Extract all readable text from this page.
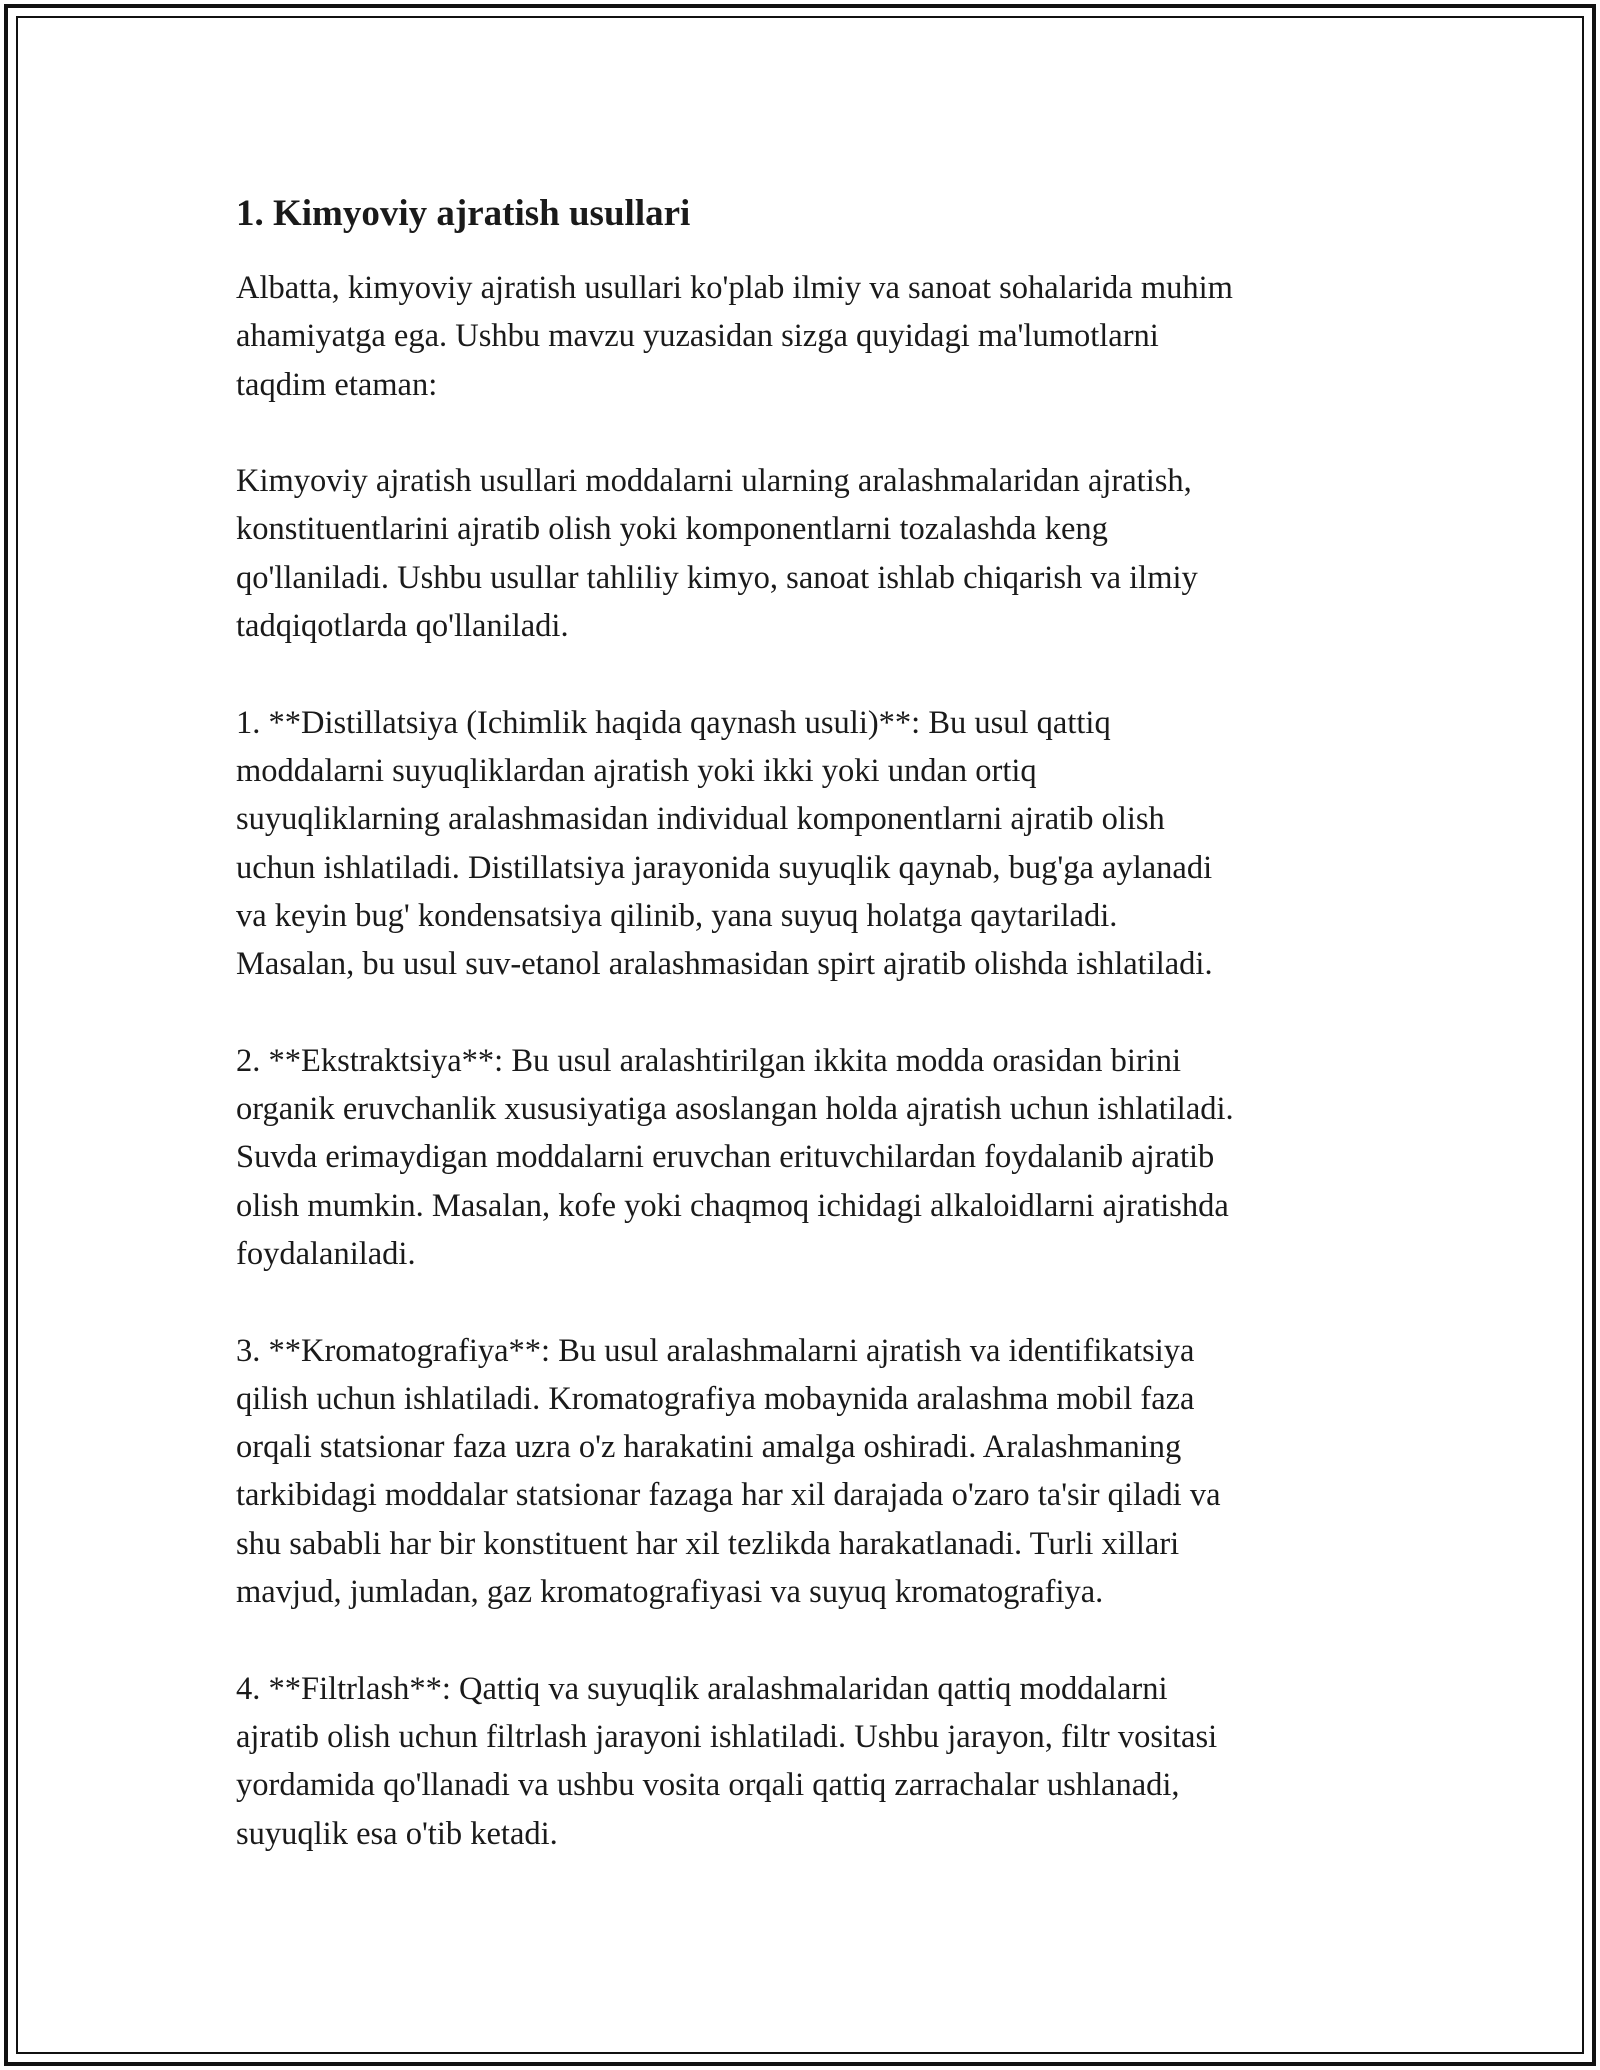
1. Kimyoviy ajratish usullari

Albatta, kimyoviy ajratish usullari ko'plab ilmiy va sanoat sohalarida muhim
ahamiyatga ega. Ushbu mavzu yuzasidan sizga quyidagi ma'lumotlarni
taqdim etaman:

Kimyoviy ajratish usullari moddalarni ularning aralashmalaridan ajratish,
konstituentlarini ajratib olish yoki komponentlarni tozalashda keng
qo'llaniladi. Ushbu usullar tahliliy kimyo, sanoat ishlab chiqarish va ilmiy
tadqiqotlarda qo'llaniladi.

1. **Distillatsiya (Ichimlik haqida qaynash usuli)**: Bu usul qattiq
moddalarni suyuqliklardan ajratish yoki ikki yoki undan ortiq
suyuqliklarning aralashmasidan individual komponentlarni ajratib olish
uchun ishlatiladi. Distillatsiya jarayonida suyuqlik qaynab, bug'ga aylanadi
va keyin bug' kondensatsiya qilinib, yana suyuq holatga qaytariladi.
Masalan, bu usul suv-etanol aralashmasidan spirt ajratib olishda ishlatiladi.

2. **Ekstraktsiya**: Bu usul aralashtirilgan ikkita modda orasidan birini
organik eruvchanlik xususiyatiga asoslangan holda ajratish uchun ishlatiladi.
Suvda erimaydigan moddalarni eruvchan erituvchilardan foydalanib ajratib
olish mumkin. Masalan, kofe yoki chaqmoq ichidagi alkaloidlarni ajratishda
foydalaniladi.

3. **Kromatografiya**: Bu usul aralashmalarni ajratish va identifikatsiya
qilish uchun ishlatiladi. Kromatografiya mobaynida aralashma mobil faza
orqali statsionar faza uzra o'z harakatini amalga oshiradi. Aralashmaning
tarkibidagi moddalar statsionar fazaga har xil darajada o'zaro ta'sir qiladi va
shu sababli har bir konstituent har xil tezlikda harakatlanadi. Turli xillari
mavjud, jumladan, gaz kromatografiyasi va suyuq kromatografiya.

4. **Filtrlash**: Qattiq va suyuqlik aralashmalaridan qattiq moddalarni
ajratib olish uchun filtrlash jarayoni ishlatiladi. Ushbu jarayon, filtr vositasi
yordamida qo'llanadi va ushbu vosita orqali qattiq zarrachalar ushlanadi,
suyuqlik esa o'tib ketadi.
